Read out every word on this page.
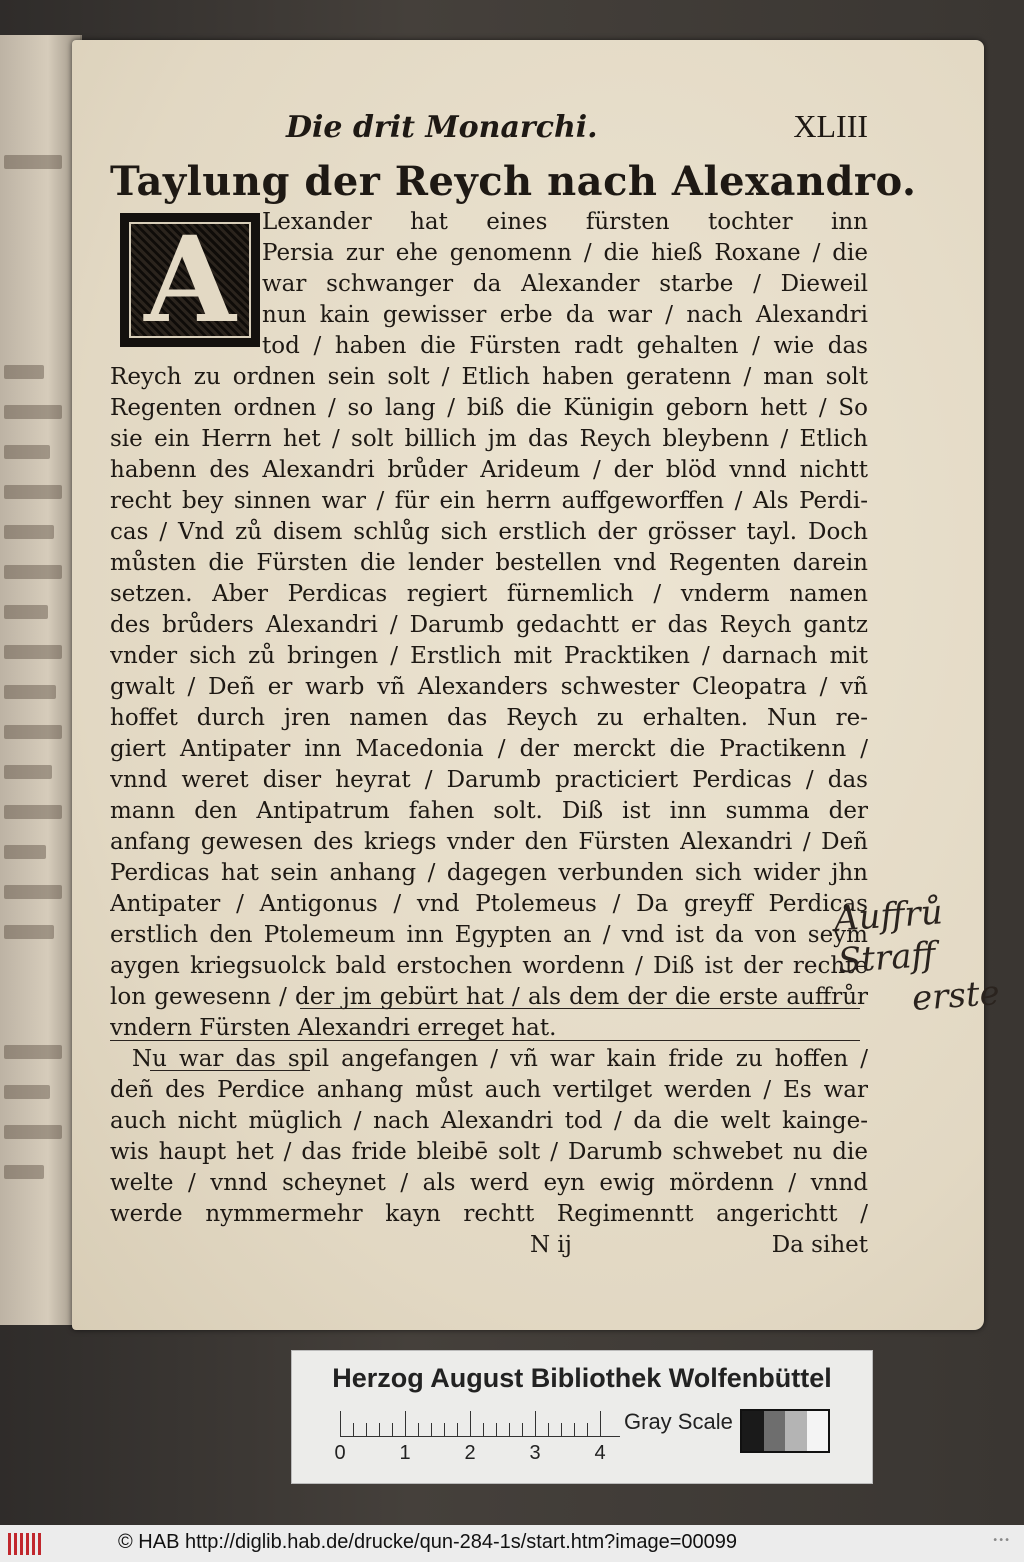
Die drit Monarchi.	XLIII
Taylung der Reych nach Alexandro.
A	Lexander hat eines fürsten tochter inn
Persia zur ehe genomenn / die hieß Roxane / die
war schwanger da Alexander starbe / Dieweil
nun kain gewisser erbe da war / nach Alexandri
tod / haben die Fürsten radt gehalten / wie das
Reych zu ordnen sein solt / Etlich haben geratenn / man solt
Regenten ordnen / so lang / biß die Künigin geborn hett / So
sie ein Herrn het / solt billich jm das Reych bleybenn / Etlich
habenn des Alexandri brůder Arideum / der blöd vnnd nichtt
recht bey sinnen war / für ein herrn auffgeworffen / Als Perdi-
cas / Vnd zů disem schlůg sich erstlich der grösser tayl. Doch
můsten die Fürsten die lender bestellen vnd Regenten darein
setzen. Aber Perdicas regiert fürnemlich / vnderm namen
des brůders Alexandri / Darumb gedachtt er das Reych gantz
vnder sich zů bringen / Erstlich mit Pracktiken / darnach mit
gwalt / Deñ er warb vñ Alexanders schwester Cleopatra / vñ
hoffet durch jren namen das Reych zu erhalten. Nun re-
giert Antipater inn Macedonia / der merckt die Practikenn /
vnnd weret diser heyrat / Darumb practiciert Perdicas / das
mann den Antipatrum fahen solt. Diß ist inn summa der
anfang gewesen des kriegs vnder den Fürsten Alexandri / Deñ
Perdicas hat sein anhang / dagegen verbunden sich wider jhn
Antipater / Antigonus / vnd Ptolemeus / Da greyff Perdicas
erstlich den Ptolemeum inn Egypten an / vnd ist da von seym
aygen kriegsuolck bald erstochen wordenn / Diß ist der rechte
lon gewesenn / der jm gebürt hat / als dem der die erste auffrůr
vndern Fürsten Alexandri erreget hat.
Nu war das spil angefangen / vñ war kain fride zu hoffen /
deñ des Perdice anhang můst auch vertilget werden / Es war
auch nicht müglich / nach Alexandri tod / da die welt kainge-
wis haupt het / das fride bleibē solt / Darumb schwebet nu die
welte / vnnd scheynet / als werd eyn ewig mördenn / vnnd
werde nymmermehr kayn rechtt Regimenntt angerichtt /
N ij	Da sihet
Auffrů
Straff
erste
Herzog August Bibliothek Wolfenbüttel
0	1	2	3	4
Gray Scale
© HAB http://diglib.hab.de/drucke/qun-284-1s/start.htm?image=00099	•••
